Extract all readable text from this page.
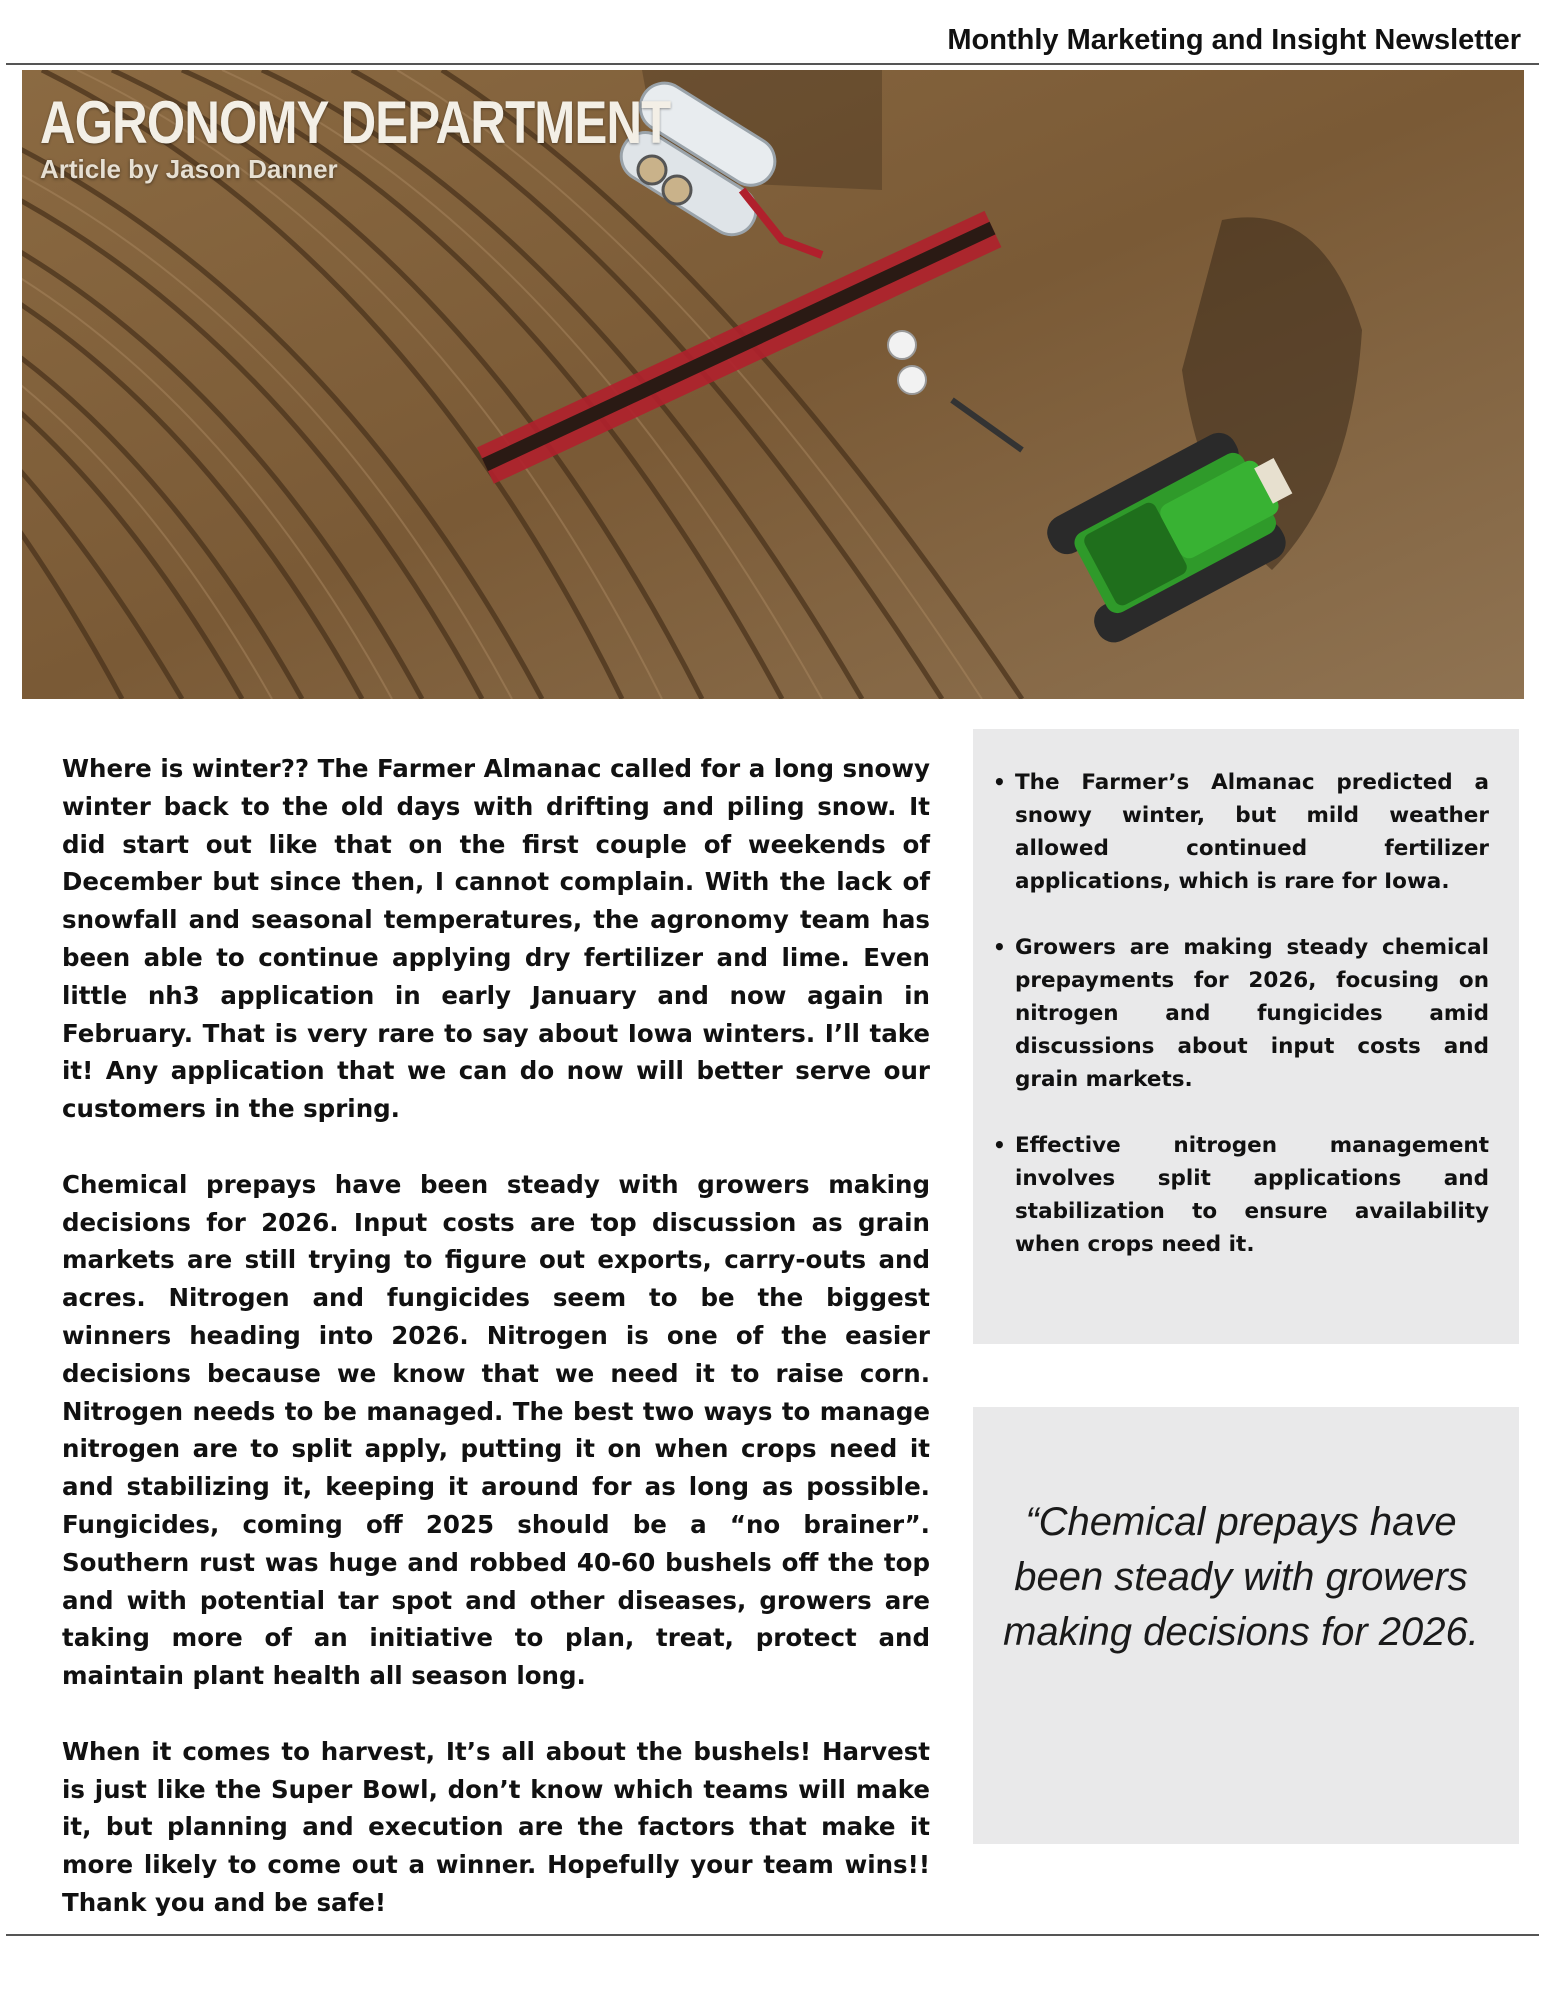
Monthly Marketing and Insight Newsletter
AGRONOMY DEPARTMENT
Article by Jason Danner

Where is winter?? The Farmer Almanac called for a long snowy winter back to the old days with drifting and piling snow. It did start out like that on the first couple of weekends of December but since then, I cannot complain. With the lack of snowfall and seasonal temperatures, the agronomy team has been able to continue applying dry fertilizer and lime. Even little nh3 application in early January and now again in February. That is very rare to say about Iowa winters. I’ll take it! Any application that we can do now will better serve our customers in the spring.

Chemical prepays have been steady with growers making decisions for 2026. Input costs are top discussion as grain markets are still trying to figure out exports, carry-outs and acres. Nitrogen and fungicides seem to be the biggest winners heading into 2026. Nitrogen is one of the easier decisions because we know that we need it to raise corn. Nitrogen needs to be managed. The best two ways to manage nitrogen are to split apply, putting it on when crops need it and stabilizing it, keeping it around for as long as possible. Fungicides, coming off 2025 should be a “no brainer”. Southern rust was huge and robbed 40-60 bushels off the top and with potential tar spot and other diseases, growers are taking more of an initiative to plan, treat, protect and maintain plant health all season long.

When it comes to harvest, It’s all about the bushels! Harvest is just like the Super Bowl, don’t know which teams will make it, but planning and execution are the factors that make it more likely to come out a winner. Hopefully your team wins!! Thank you and be safe!

• The Farmer’s Almanac predicted a snowy winter, but mild weather allowed continued fertilizer applications, which is rare for Iowa.
• Growers are making steady chemical prepayments for 2026, focusing on nitrogen and fungicides amid discussions about input costs and grain markets.
• Effective nitrogen management involves split applications and stabilization to ensure availability when crops need it.
“Chemical prepays have been steady with growers making decisions for 2026.
